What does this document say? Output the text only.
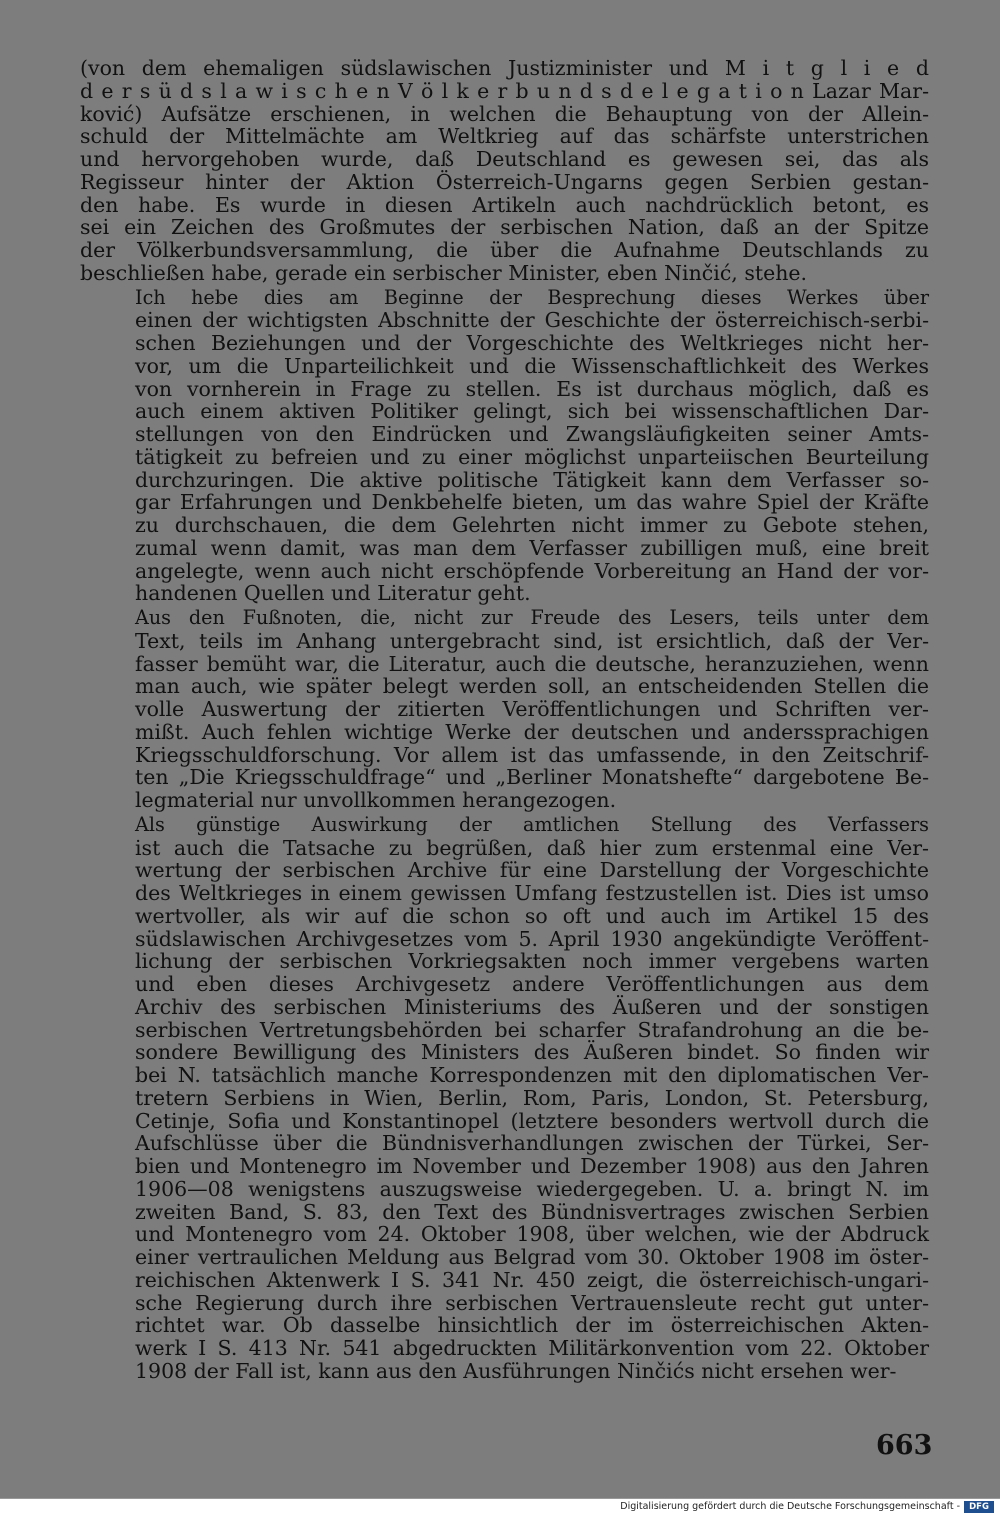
(von dem ehemaligen südslawischen Justizminister und M i t g l i e d
d e r s ü d s l a w i s c h e n V ö l k e r b u n d s d e l e g a t i o n Lazar Mar-
ković) Aufsätze erschienen, in welchen die Behauptung von der Allein-
schuld der Mittelmächte am Weltkrieg auf das schärfste unterstrichen
und hervorgehoben wurde, daß Deutschland es gewesen sei, das als
Regisseur hinter der Aktion Österreich-Ungarns gegen Serbien gestan-
den habe. Es wurde in diesen Artikeln auch nachdrücklich betont, es
sei ein Zeichen des Großmutes der serbischen Nation, daß an der Spitze
der Völkerbundsversammlung, die über die Aufnahme Deutschlands zu
beschließen habe, gerade ein serbischer Minister, eben Ninčić, stehe.
Ich hebe dies am Beginne der Besprechung dieses Werkes über
einen der wichtigsten Abschnitte der Geschichte der österreichisch-serbi-
schen Beziehungen und der Vorgeschichte des Weltkrieges nicht her-
vor, um die Unparteilichkeit und die Wissenschaftlichkeit des Werkes
von vornherein in Frage zu stellen. Es ist durchaus möglich, daß es
auch einem aktiven Politiker gelingt, sich bei wissenschaftlichen Dar-
stellungen von den Eindrücken und Zwangsläufigkeiten seiner Amts-
tätigkeit zu befreien und zu einer möglichst unparteiischen Beurteilung
durchzuringen. Die aktive politische Tätigkeit kann dem Verfasser so-
gar Erfahrungen und Denkbehelfe bieten, um das wahre Spiel der Kräfte
zu durchschauen, die dem Gelehrten nicht immer zu Gebote stehen,
zumal wenn damit, was man dem Verfasser zubilligen muß, eine breit
angelegte, wenn auch nicht erschöpfende Vorbereitung an Hand der vor-
handenen Quellen und Literatur geht.
Aus den Fußnoten, die, nicht zur Freude des Lesers, teils unter dem
Text, teils im Anhang untergebracht sind, ist ersichtlich, daß der Ver-
fasser bemüht war, die Literatur, auch die deutsche, heranzuziehen, wenn
man auch, wie später belegt werden soll, an entscheidenden Stellen die
volle Auswertung der zitierten Veröffentlichungen und Schriften ver-
mißt. Auch fehlen wichtige Werke der deutschen und anderssprachigen
Kriegsschuldforschung. Vor allem ist das umfassende, in den Zeitschrif-
ten „Die Kriegsschuldfrage“ und „Berliner Monatshefte“ dargebotene Be-
legmaterial nur unvollkommen herangezogen.
Als günstige Auswirkung der amtlichen Stellung des Verfassers
ist auch die Tatsache zu begrüßen, daß hier zum erstenmal eine Ver-
wertung der serbischen Archive für eine Darstellung der Vorgeschichte
des Weltkrieges in einem gewissen Umfang festzustellen ist. Dies ist umso
wertvoller, als wir auf die schon so oft und auch im Artikel 15 des
südslawischen Archivgesetzes vom 5. April 1930 angekündigte Veröffent-
lichung der serbischen Vorkriegsakten noch immer vergebens warten
und eben dieses Archivgesetz andere Veröffentlichungen aus dem
Archiv des serbischen Ministeriums des Äußeren und der sonstigen
serbischen Vertretungsbehörden bei scharfer Strafandrohung an die be-
sondere Bewilligung des Ministers des Äußeren bindet. So finden wir
bei N. tatsächlich manche Korrespondenzen mit den diplomatischen Ver-
tretern Serbiens in Wien, Berlin, Rom, Paris, London, St. Petersburg,
Cetinje, Sofia und Konstantinopel (letztere besonders wertvoll durch die
Aufschlüsse über die Bündnisverhandlungen zwischen der Türkei, Ser-
bien und Montenegro im November und Dezember 1908) aus den Jahren
1906—08 wenigstens auszugsweise wiedergegeben. U. a. bringt N. im
zweiten Band, S. 83, den Text des Bündnisvertrages zwischen Serbien
und Montenegro vom 24. Oktober 1908, über welchen, wie der Abdruck
einer vertraulichen Meldung aus Belgrad vom 30. Oktober 1908 im öster-
reichischen Aktenwerk I S. 341 Nr. 450 zeigt, die österreichisch-ungari-
sche Regierung durch ihre serbischen Vertrauensleute recht gut unter-
richtet war. Ob dasselbe hinsichtlich der im österreichischen Akten-
werk I S. 413 Nr. 541 abgedruckten Militärkonvention vom 22. Oktober
1908 der Fall ist, kann aus den Ausführungen Ninčićs nicht ersehen wer-
663
Digitalisierung gefördert durch die Deutsche Forschungsgemeinschaft -	DFG
